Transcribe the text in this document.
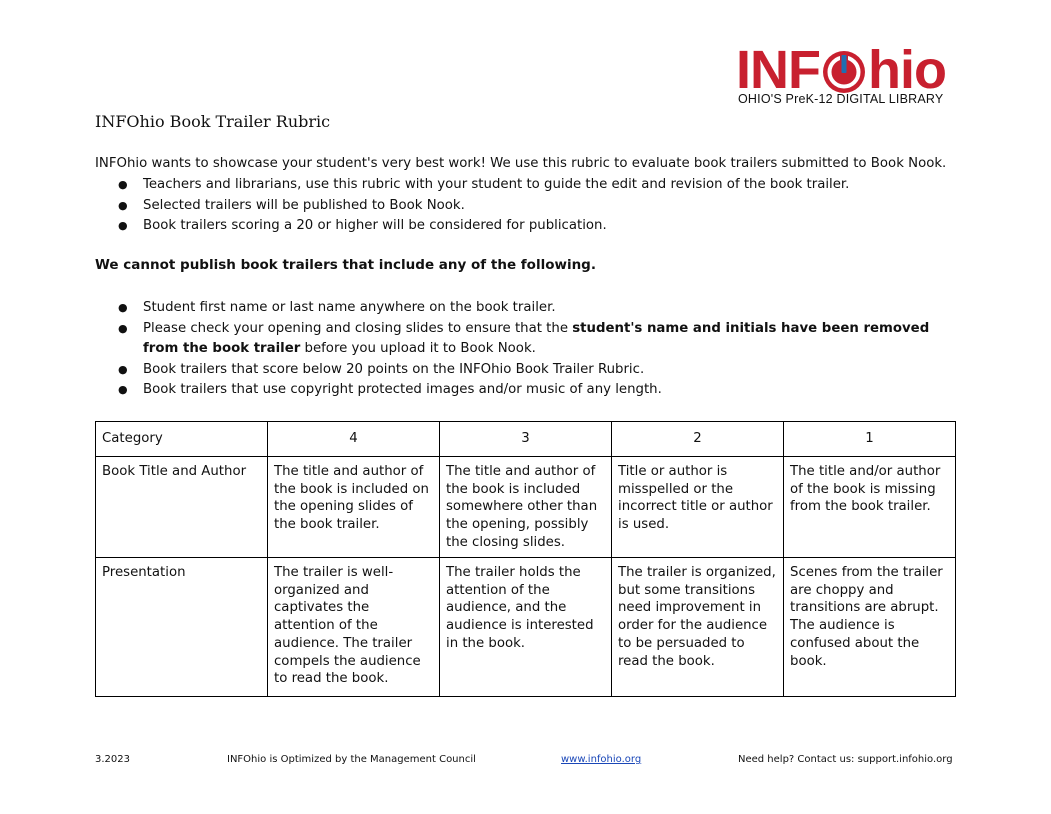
INF hio
OHIO'S PreK-12 DIGITAL LIBRARY
INFOhio Book Trailer Rubric
INFOhio wants to showcase your student's very best work! We use this rubric to evaluate book trailers submitted to Book Nook.
● Teachers and librarians, use this rubric with your student to guide the edit and revision of the book trailer.
● Selected trailers will be published to Book Nook.
● Book trailers scoring a 20 or higher will be considered for publication.
We cannot publish book trailers that include any of the following.
● Student first name or last name anywhere on the book trailer.
● Please check your opening and closing slides to ensure that the student's name and initials have been removed from the book trailer before you upload it to Book Nook.
● Book trailers that score below 20 points on the INFOhio Book Trailer Rubric.
● Book trailers that use copyright protected images and/or music of any length.
Category	4	3	2	1
Book Title and Author	The title and author of the book is included on the opening slides of the book trailer.	The title and author of the book is included somewhere other than the opening, possibly the closing slides.	Title or author is misspelled or the incorrect title or author is used.	The title and/or author of the book is missing from the book trailer.
Presentation	The trailer is well-organized and captivates the attention of the audience. The trailer compels the audience to read the book.	The trailer holds the attention of the audience, and the audience is interested in the book.	The trailer is organized, but some transitions need improvement in order for the audience to be persuaded to read the book.	Scenes from the trailer are choppy and transitions are abrupt. The audience is confused about the book.
3.2023	INFOhio is Optimized by the Management Council	www.infohio.org	Need help? Contact us: support.infohio.org
